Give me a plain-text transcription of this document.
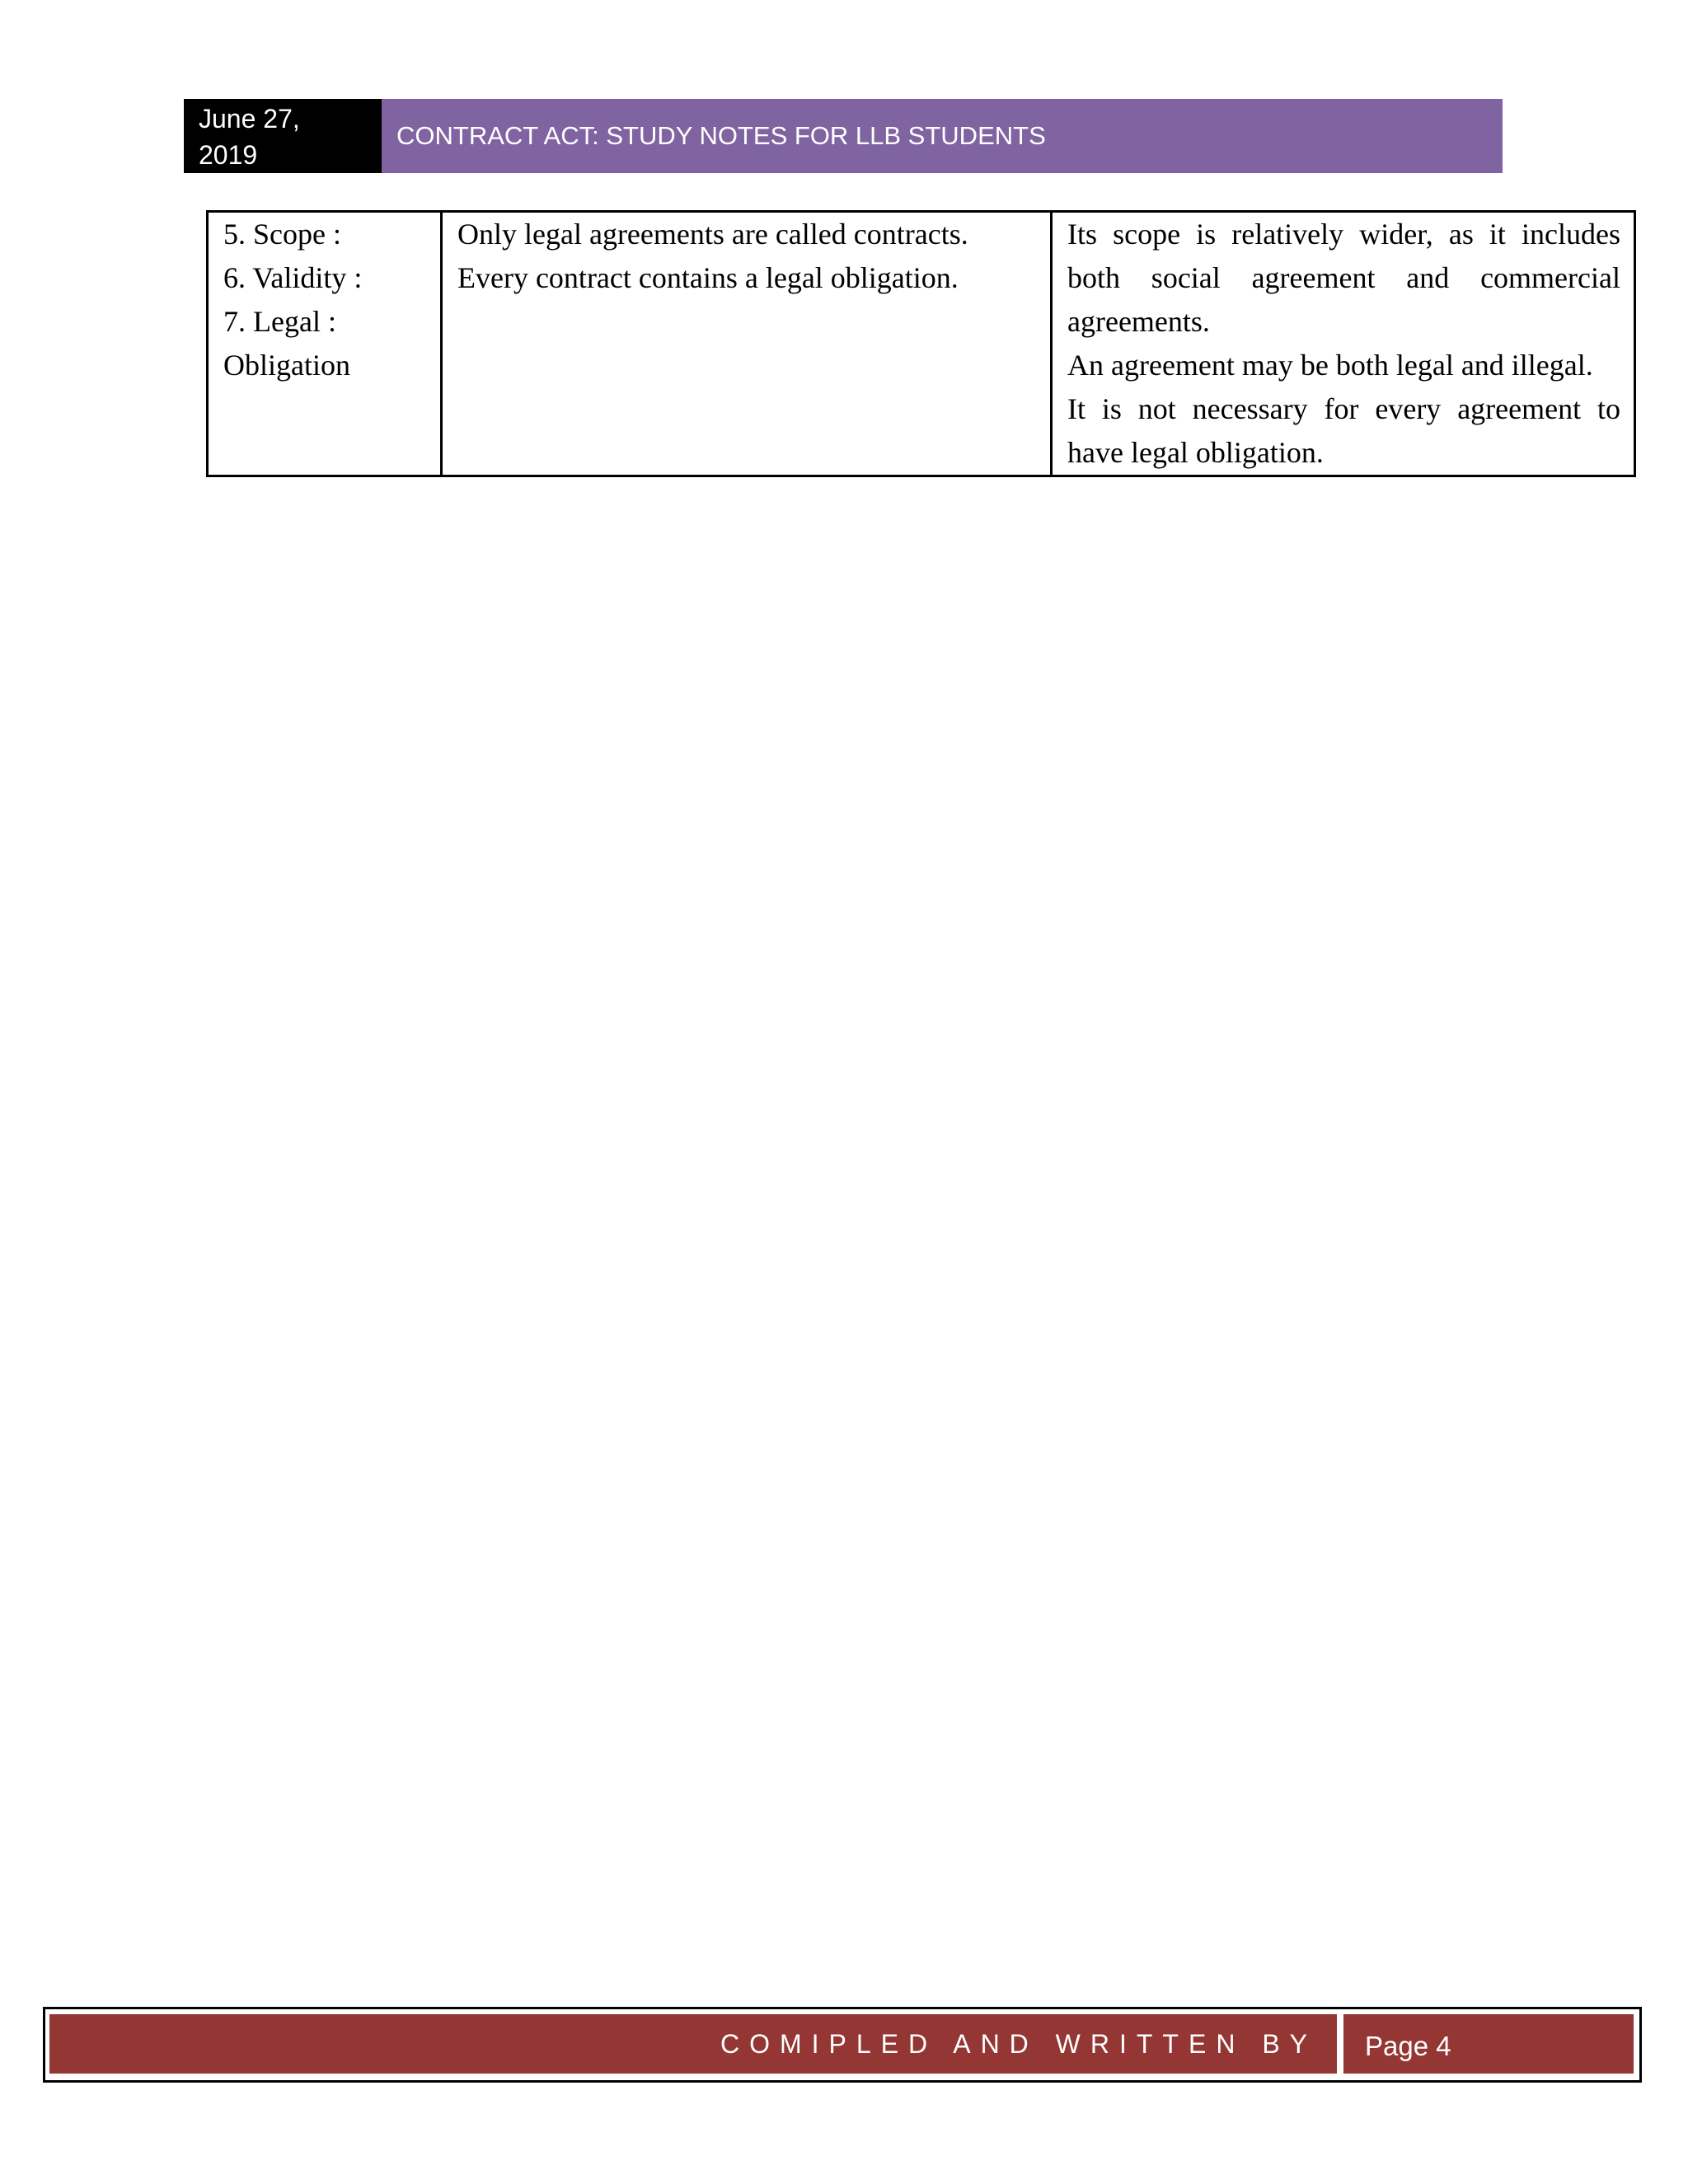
June 27,
2019
CONTRACT ACT: STUDY NOTES FOR LLB STUDENTS
5. Scope :
6. Validity :
7. Legal :
Obligation

Only legal agreements are called contracts.
Every contract contains a legal obligation.

Its scope is relatively wider, as it includes both social agreement and commercial agreements.
An agreement may be both legal and illegal.
It is not necessary for every agreement to have legal obligation.
COMIPLED AND WRITTEN BY	Page 4
